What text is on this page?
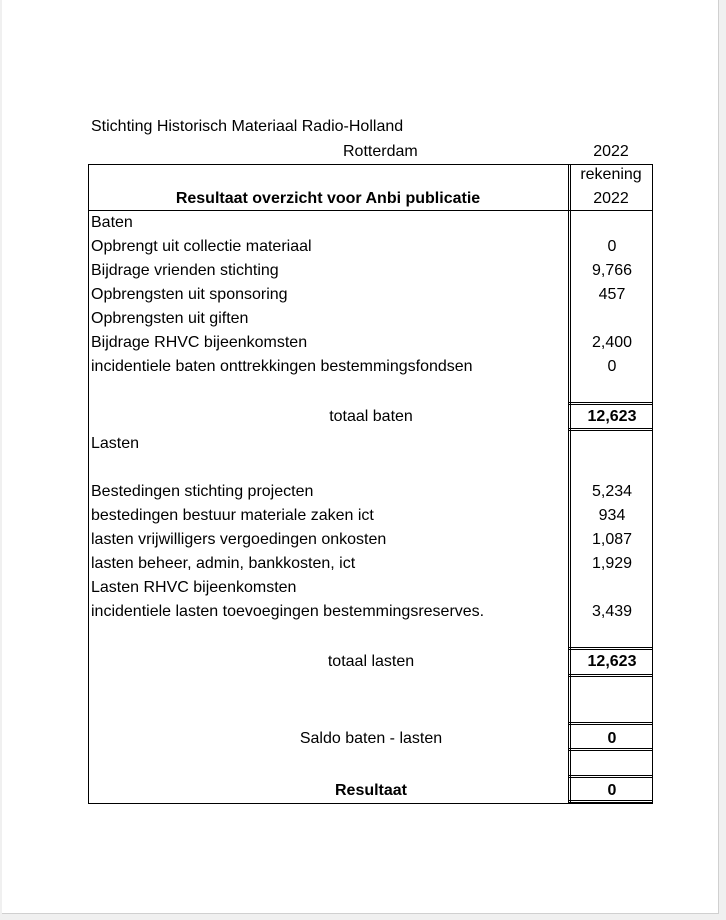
Stichting Historisch Materiaal Radio-Holland
Rotterdam	2022
rekening
2022
Resultaat overzicht voor Anbi publicatie
Baten
Opbrengt uit collectie materiaal	0
Bijdrage vrienden stichting	9,766
Opbrengsten uit sponsoring	457
Opbrengsten uit giften
Bijdrage RHVC bijeenkomsten	2,400
incidentiele baten onttrekkingen bestemmingsfondsen	0
totaal baten	12,623
Lasten
Bestedingen stichting projecten	5,234
bestedingen bestuur materiale zaken ict	934
lasten vrijwilligers vergoedingen onkosten	1,087
lasten beheer, admin, bankkosten, ict	1,929
Lasten RHVC bijeenkomsten
incidentiele lasten toevoegingen bestemmingsreserves.	3,439
totaal lasten	12,623
Saldo baten - lasten	0
Resultaat	0
